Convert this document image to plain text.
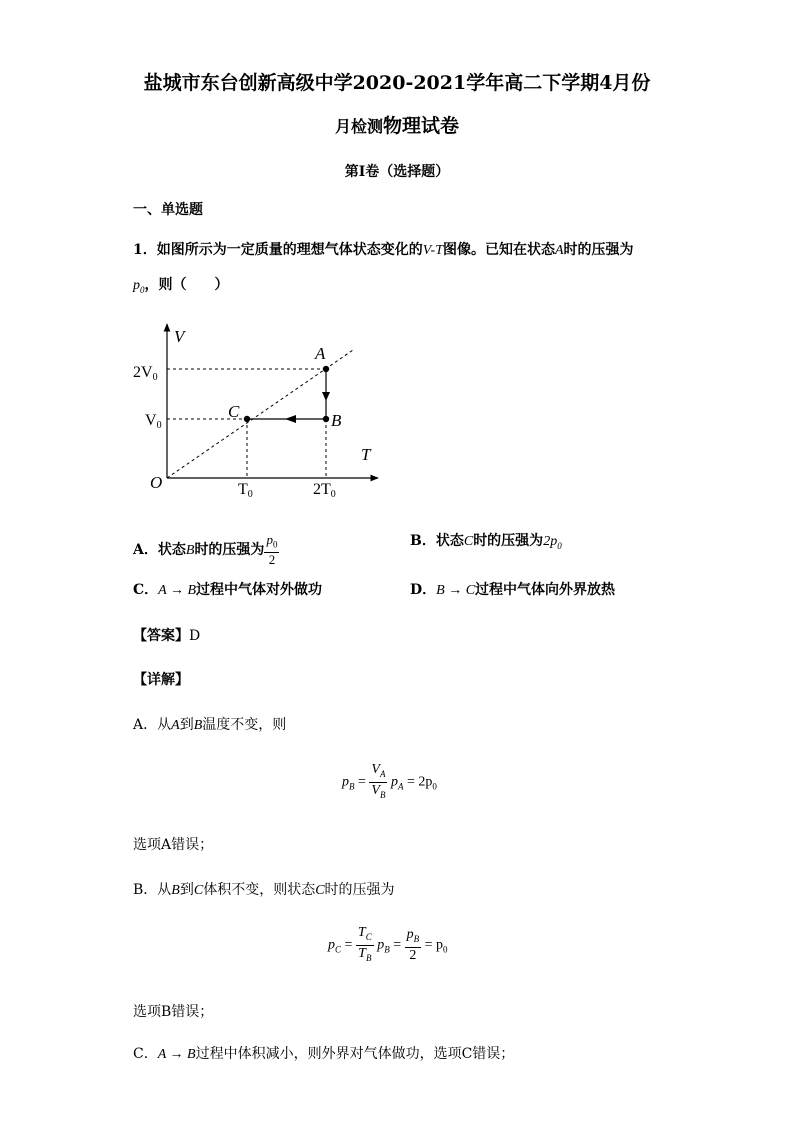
盐城市东台创新高级中学2020-2021学年高二下学期4月份
月检测物理试卷
第I卷（选择题）
一、单选题
1．如图所示为一定质量的理想气体状态变化的V-T图像。已知在状态A时的压强为
$p_0$，则（　　）
V
T
O
A
B
C
2V0
V0
T0	2T0
A．状态B时的压强为 $\frac{p_0}{2}$	B．状态C时的压强为$2p_0$
C．A → B过程中气体对外做功	D．B → C过程中气体向外界放热
【答案】D
【详解】
A．从A到B温度不变，则
$p_B = \frac{V_A}{V_B} p_A = 2p_0$
选项A错误；
B．从B到C体积不变，则状态C时的压强为
$p_C = \frac{T_C}{T_B} p_B = \frac{p_B}{2} = p_0$
选项B错误；
C．A → B过程中体积减小，则外界对气体做功，选项C错误；
